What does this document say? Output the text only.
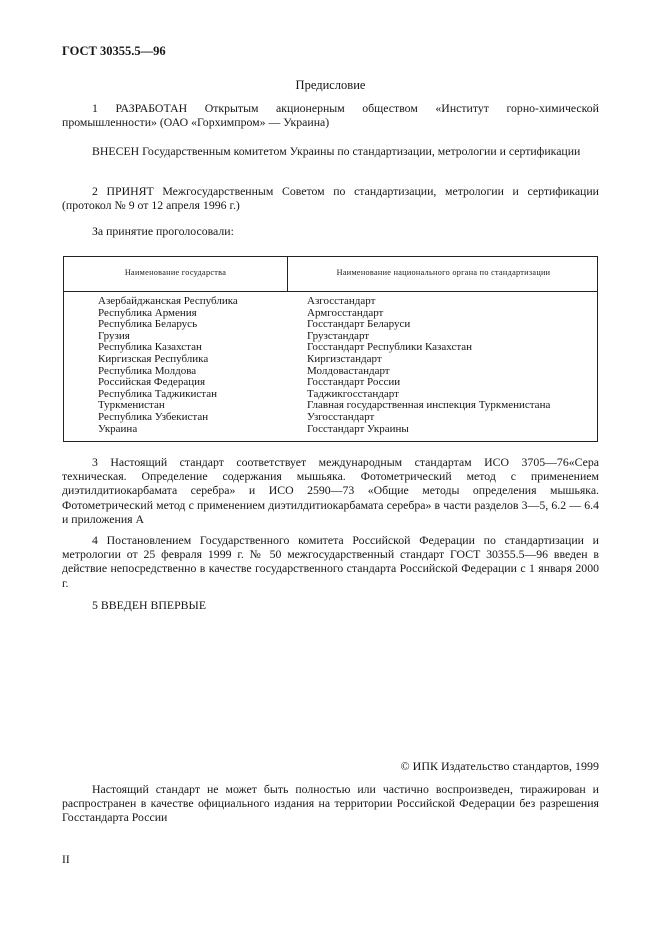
ГОСТ 30355.5—96
Предисловие
1 РАЗРАБОТАН Открытым акционерным обществом «Институт горно-химической промышленности» (ОАО «Горхимпром» — Украина)
ВНЕСЕН Государственным комитетом Украины по стандартизации, метрологии и сертификации
2 ПРИНЯТ Межгосударственным Советом по стандартизации, метрологии и сертификации (протокол № 9 от 12 апреля 1996 г.)
За принятие проголосовали:
Наименование государства	Наименование национального органа по стандартизации
Азербайджанская Республика	Азгосстандарт
Республика Армения	Армгосстандарт
Республика Беларусь	Госстандарт Беларуси
Грузия	Грузстандарт
Республика Казахстан	Госстандарт Республики Казахстан
Киргизская Республика	Киргизстандарт
Республика Молдова	Молдовастандарт
Российская Федерация	Госстандарт России
Республика Таджикистан	Таджикгосстандарт
Туркменистан	Главная государственная инспекция Туркменистана
Республика Узбекистан	Узгосстандарт
Украина	Госстандарт Украины
3 Настоящий стандарт соответствует международным стандартам ИСО 3705—76«Сера техническая. Определение содержания мышьяка. Фотометрический метод с применением диэтилдитиокарбамата серебра» и ИСО 2590—73 «Общие методы определения мышьяка. Фотометрический метод с применением диэтилдитиокарбамата серебра» в части разделов 3—5, 6.2 — 6.4 и приложения А
4 Постановлением Государственного комитета Российской Федерации по стандартизации и метрологии от 25 февраля 1999 г. № 50 межгосударственный стандарт ГОСТ 30355.5—96 введен в действие непосредственно в качестве государственного стандарта Российской Федерации с 1 января 2000 г.
5 ВВЕДЕН ВПЕРВЫЕ
© ИПК Издательство стандартов, 1999
Настоящий стандарт не может быть полностью или частично воспроизведен, тиражирован и распространен в качестве официального издания на территории Российской Федерации без разрешения Госстандарта России
II
